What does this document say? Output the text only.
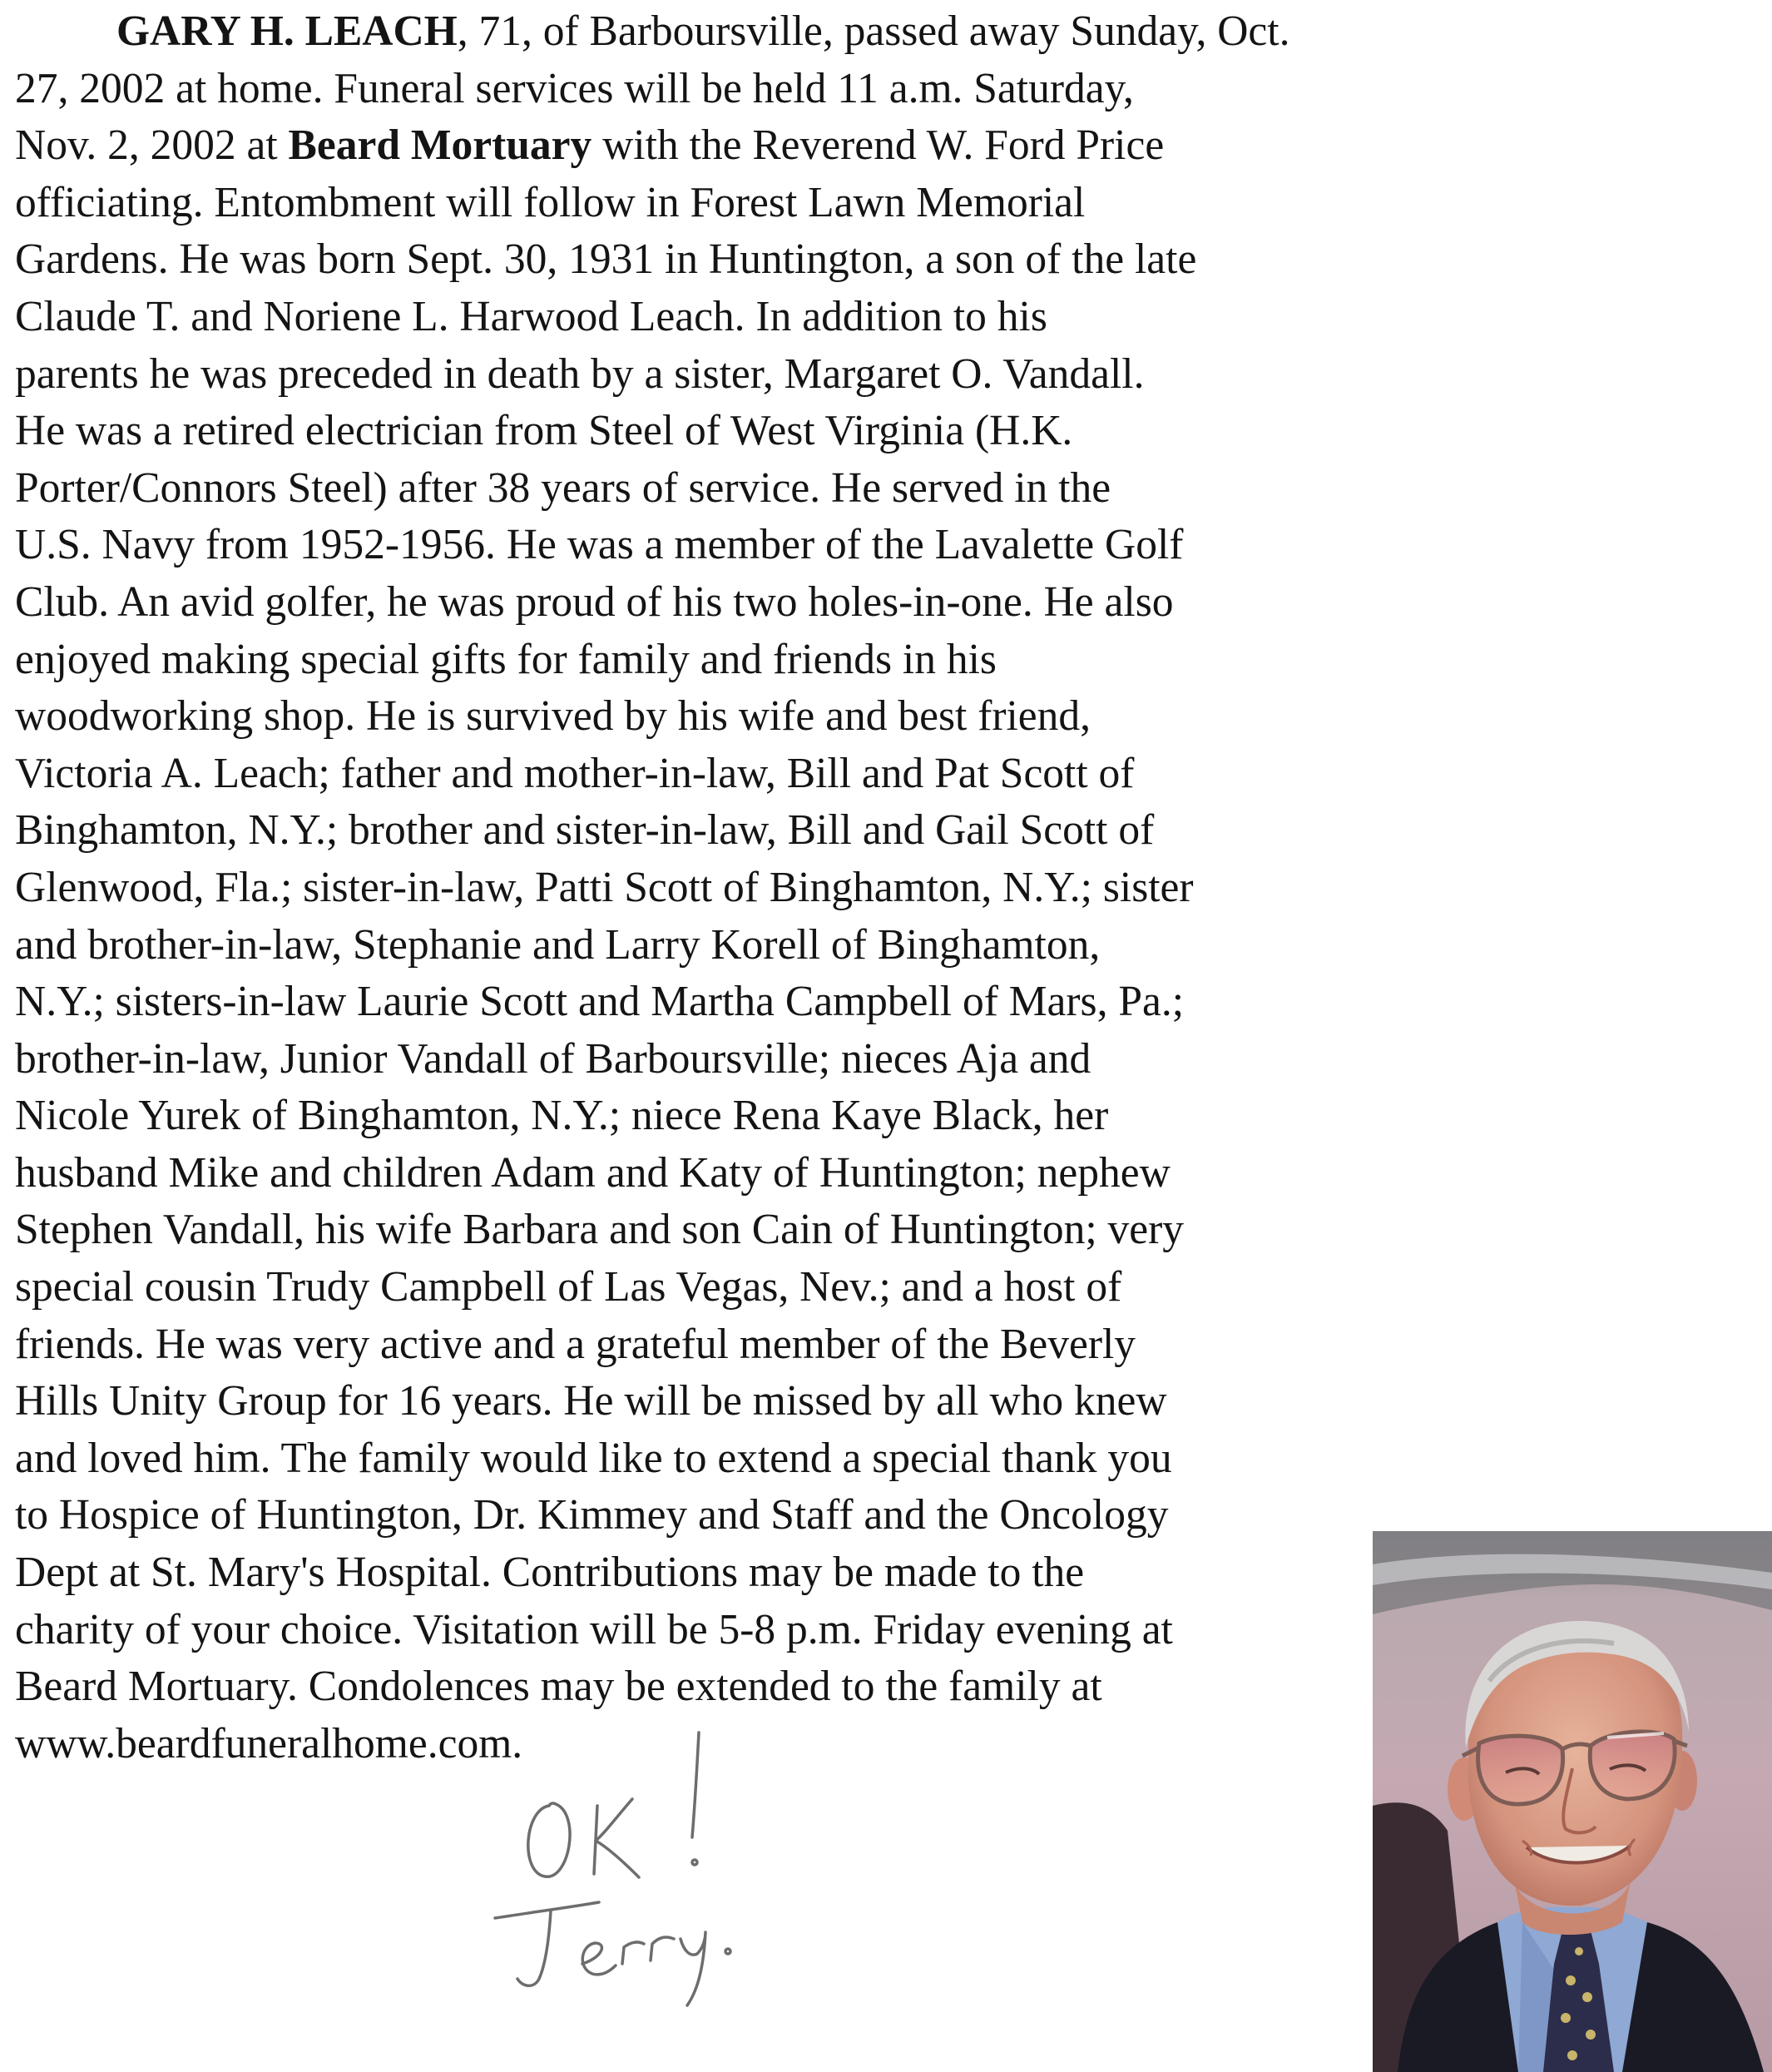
GARY H. LEACH, 71, of Barboursville, passed away Sunday, Oct.
27, 2002 at home. Funeral services will be held 11 a.m. Saturday,
Nov. 2, 2002 at Beard Mortuary with the Reverend W. Ford Price
officiating. Entombment will follow in Forest Lawn Memorial
Gardens. He was born Sept. 30, 1931 in Huntington, a son of the late
Claude T. and Noriene L. Harwood Leach. In addition to his
parents he was preceded in death by a sister, Margaret O. Vandall.
He was a retired electrician from Steel of West Virginia (H.K.
Porter/Connors Steel) after 38 years of service. He served in the
U.S. Navy from 1952-1956. He was a member of the Lavalette Golf
Club. An avid golfer, he was proud of his two holes-in-one. He also
enjoyed making special gifts for family and friends in his
woodworking shop. He is survived by his wife and best friend,
Victoria A. Leach; father and mother-in-law, Bill and Pat Scott of
Binghamton, N.Y.; brother and sister-in-law, Bill and Gail Scott of
Glenwood, Fla.; sister-in-law, Patti Scott of Binghamton, N.Y.; sister
and brother-in-law, Stephanie and Larry Korell of Binghamton,
N.Y.; sisters-in-law Laurie Scott and Martha Campbell of Mars, Pa.;
brother-in-law, Junior Vandall of Barboursville; nieces Aja and
Nicole Yurek of Binghamton, N.Y.; niece Rena Kaye Black, her
husband Mike and children Adam and Katy of Huntington; nephew
Stephen Vandall, his wife Barbara and son Cain of Huntington; very
special cousin Trudy Campbell of Las Vegas, Nev.; and a host of
friends. He was very active and a grateful member of the Beverly
Hills Unity Group for 16 years. He will be missed by all who knew
and loved him. The family would like to extend a special thank you
to Hospice of Huntington, Dr. Kimmey and Staff and the Oncology
Dept at St. Mary's Hospital. Contributions may be made to the
charity of your choice. Visitation will be 5-8 p.m. Friday evening at
Beard Mortuary. Condolences may be extended to the family at
www.beardfuneralhome.com.
